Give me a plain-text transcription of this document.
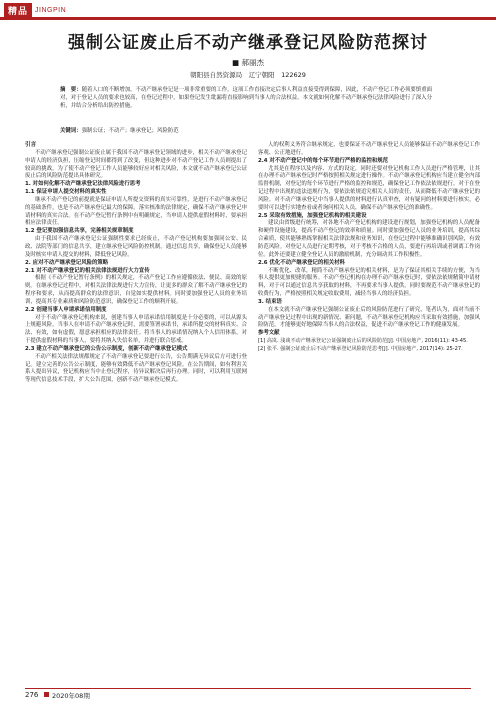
精品	JINGPIN
强制公证废止后不动产继承登记风险防范探讨
■ 郝丽杰
朝阳县自然资源局　辽宁朝阳　122629
摘　要：随着人口的不断增加，不动产继承登记是一项非常重要的工作，这项工作直接决定后事人利益直接受得到保障，因此，不动产登记工作必须要慎重面对，对于登记人员的要求也较高，在登记过程中，如果登记发生纰漏将直接影响到当事人的合法权益。本文就如何化解不动产继承登记法律风险进行了深入分析，并结合分析给出防控措施。
关键词：强制公证；不动产；继承登记；风险防范

引言

不动产继承登记强制公证废止属于我国不动产继承登记领域的进步，相关不动产继承登记申请人的经济负担，压缩登记时间都得到了改变，但这种进步对不动产登记工作人员则提出了较高的挑战。为了使不动产登记工作人员能够较好应对相关风险，本文就不动产继承登记公证废止后的风险防范提出具体研究。

1. 对如何化解不动产继承登记法律风险进行思考

1.1 保证申请人提交材料的真实性

继承不动产登记的前提就是保证申请人所提交资料的真实可靠性，是进行不动产继承登记的基础条件，也是不动产继承登记最大的保障。落实核准的法律规定，确保不动产继承登记申请材料的真实合法。在不动产登记暂行条例中有明确规定，当申请人提供虚假材料时，要承担相应法律责任。

1.2 登记要加强信息共享，完善相关规章制度

由于我国不动产继承登记公证强制性要求已经废止，不动产登记机构要加强同公安、民政、法院等部门的信息共享，建立继承登记风险防控机制。通过信息共享，确保登记人员能够及时核实申请人提交的材料，降低登记风险。

2. 应对不动产继承登记风险的策略

2.1 对不动产继承登记的相关法律法规进行大力宣传

根据《不动产登记暂行条例》的相关规定，不动产登记工作应遵循依法、便民、高效的原则。在继承登记过程中，对相关法律法规进行大力宣传，让更多的群众了解不动产继承登记的程序和要求，从而提高群众的法律意识，自觉如实提供材料。同时要加强登记人员的业务培训，提高其专业素质和风险防范意识，确保登记工作的顺利开展。

2.2 创建当事人申请承诺信用制度

对于不动产继承登记机构来说，创建当事人申请承诺信用制度是十分必要的，可以从源头上规避风险。当事人在申请不动产继承登记时，需要签署承诺书，承诺所提交的材料真实、合法、有效，如有虚假，愿意承担相应的法律责任。将当事人的承诺情况纳入个人信用体系，对于提供虚假材料的当事人，要将其纳入失信名单，并进行联合惩戒。

2.3 建立不动产继承登记的公告公示制度，创新不动产继承登记模式

不动产相关法律法规都规定了不动产继承登记要进行公告，公告期满无异议后方可进行登记。建立完善的公告公示制度，能够有效降低不动产继承登记风险。在公告期间，如有利害关系人提出异议，登记机构应当中止登记程序，待异议解决后再行办理。同时，可以利用互联网等现代信息技术手段，扩大公告范围，创新不动产继承登记模式。

人的权利义务符合继承规定，也要保证不动产继承登记人员能够保证不动产继承登记工作客观、公正地进行。

2.4 对不动产登记中的每个环节进行严格的监控和规范

尤其是在程序以及内容、方式的设定，同时还要对登记机构工作人员进行严格管理，让其在办理不动产继承登记时严格按照相关规定进行操作。不动产继承登记机构应当建立健全内部监督机制，对登记的每个环节进行严格的监控和规范，确保登记工作依法依规进行。对于在登记过程中出现的违法违规行为，要依法依规追究相关人员的责任，从而降低不动产继承登记的风险。对不动产继承登记中当事人提供的材料进行认真审查，对有疑问的材料要进行核实，必要时可以进行实地查看或者询问相关人员，确保不动产继承登记的准确性。

2.5 采取有效措施，加强登记机构的相关建设

建议由省级进行统筹，对各地不动产登记机构的建设进行规划，加强登记机构的人员配备和硬件设施建设，提高不动产登记的效率和质量。同时要加强登记人员的业务培训，提高其综合素质，使其能够熟练掌握相关法律法规和业务知识，在登记过程中能够准确识别风险，有效防范风险。对登记人员进行定期考核，对于考核不合格的人员，要进行再培训或者调离工作岗位。此外还要建立健全登记人员的激励机制，充分调动其工作积极性。

2.6 优化不动产继承登记的相关材料

不断优化、改革，精简不动产继承登记的相关材料，是为了保证其相关手续的方便，为当事人提供更加便捷的服务。不动产登记机构在办理不动产继承登记时，要依法依规精简申请材料，对于可以通过信息共享获取的材料，不再要求当事人提供。同时要规范不动产继承登记的收费行为，严格按照相关规定收取费用，减轻当事人的经济负担。

3. 结束语

在本文就不动产继承登记强制公证废止后的风险防范进行了研究，笔者认为，面对当前不动产继承登记过程中出现的新情况、新问题，不动产继承登记机构应当采取有效措施，加强风险防范，才能够更好地保障当事人的合法权益，促进不动产继承登记工作的健康发展。

参考文献

[1] 高岚. 浅谈不动产继承登记公证强制废止后的风险防范[J]. 中国房地产, 2016(11): 43-45.

[2] 张平. 强制公证废止后不动产继承登记风险防范思考[J]. 中国房地产, 2017(14): 25-27.

276 2020年08期
